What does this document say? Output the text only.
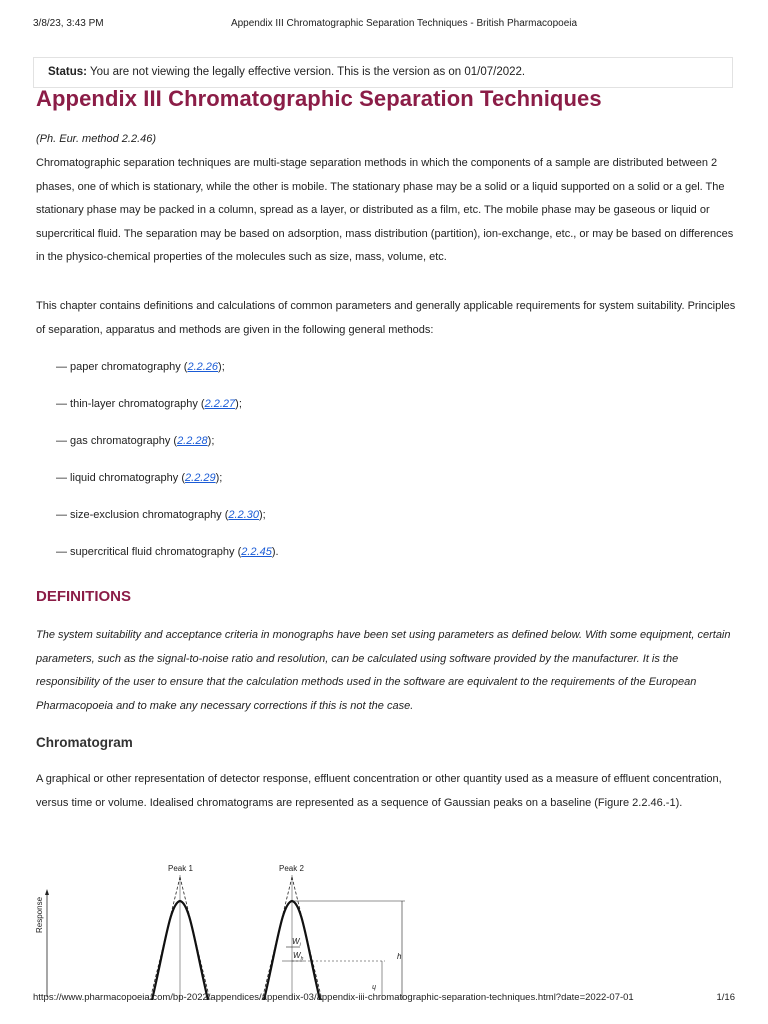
3/8/23, 3:43 PM	Appendix III Chromatographic Separation Techniques - British Pharmacopoeia
Status: You are not viewing the legally effective version. This is the version as on 01/07/2022.
Appendix III Chromatographic Separation Techniques
(Ph. Eur. method 2.2.46)

Chromatographic separation techniques are multi-stage separation methods in which the components of a sample are distributed between 2 phases, one of which is stationary, while the other is mobile. The stationary phase may be a solid or a liquid supported on a solid or a gel. The stationary phase may be packed in a column, spread as a layer, or distributed as a film, etc. The mobile phase may be gaseous or liquid or supercritical fluid. The separation may be based on adsorption, mass distribution (partition), ion-exchange, etc., or may be based on differences in the physico-chemical properties of the molecules such as size, mass, volume, etc.

This chapter contains definitions and calculations of common parameters and generally applicable requirements for system suitability. Principles of separation, apparatus and methods are given in the following general methods:

— paper chromatography (2.2.26);
— thin-layer chromatography (2.2.27);
— gas chromatography (2.2.28);
— liquid chromatography (2.2.29);
— size-exclusion chromatography (2.2.30);
— supercritical fluid chromatography (2.2.45).
DEFINITIONS

The system suitability and acceptance criteria in monographs have been set using parameters as defined below. With some equipment, certain parameters, such as the signal-to-noise ratio and resolution, can be calculated using software provided by the manufacturer. It is the responsibility of the user to ensure that the calculation methods used in the software are equivalent to the requirements of the European Pharmacopoeia and to make any necessary corrections if this is not the case.

Chromatogram

A graphical or other representation of detector response, effluent concentration or other quantity used as a measure of effluent concentration, versus time or volume. Idealised chromatograms are represented as a sequence of Gaussian peaks on a baseline (Figure 2.2.46.-1).

Peak 1	Peak 2
Response
h
$W_i$
$W_h$
h
https://www.pharmacopoeia.com/bp-2022/appendices/appendix-03/appendix-iii-chromatographic-separation-techniques.html?date=2022-07-01	1/16
